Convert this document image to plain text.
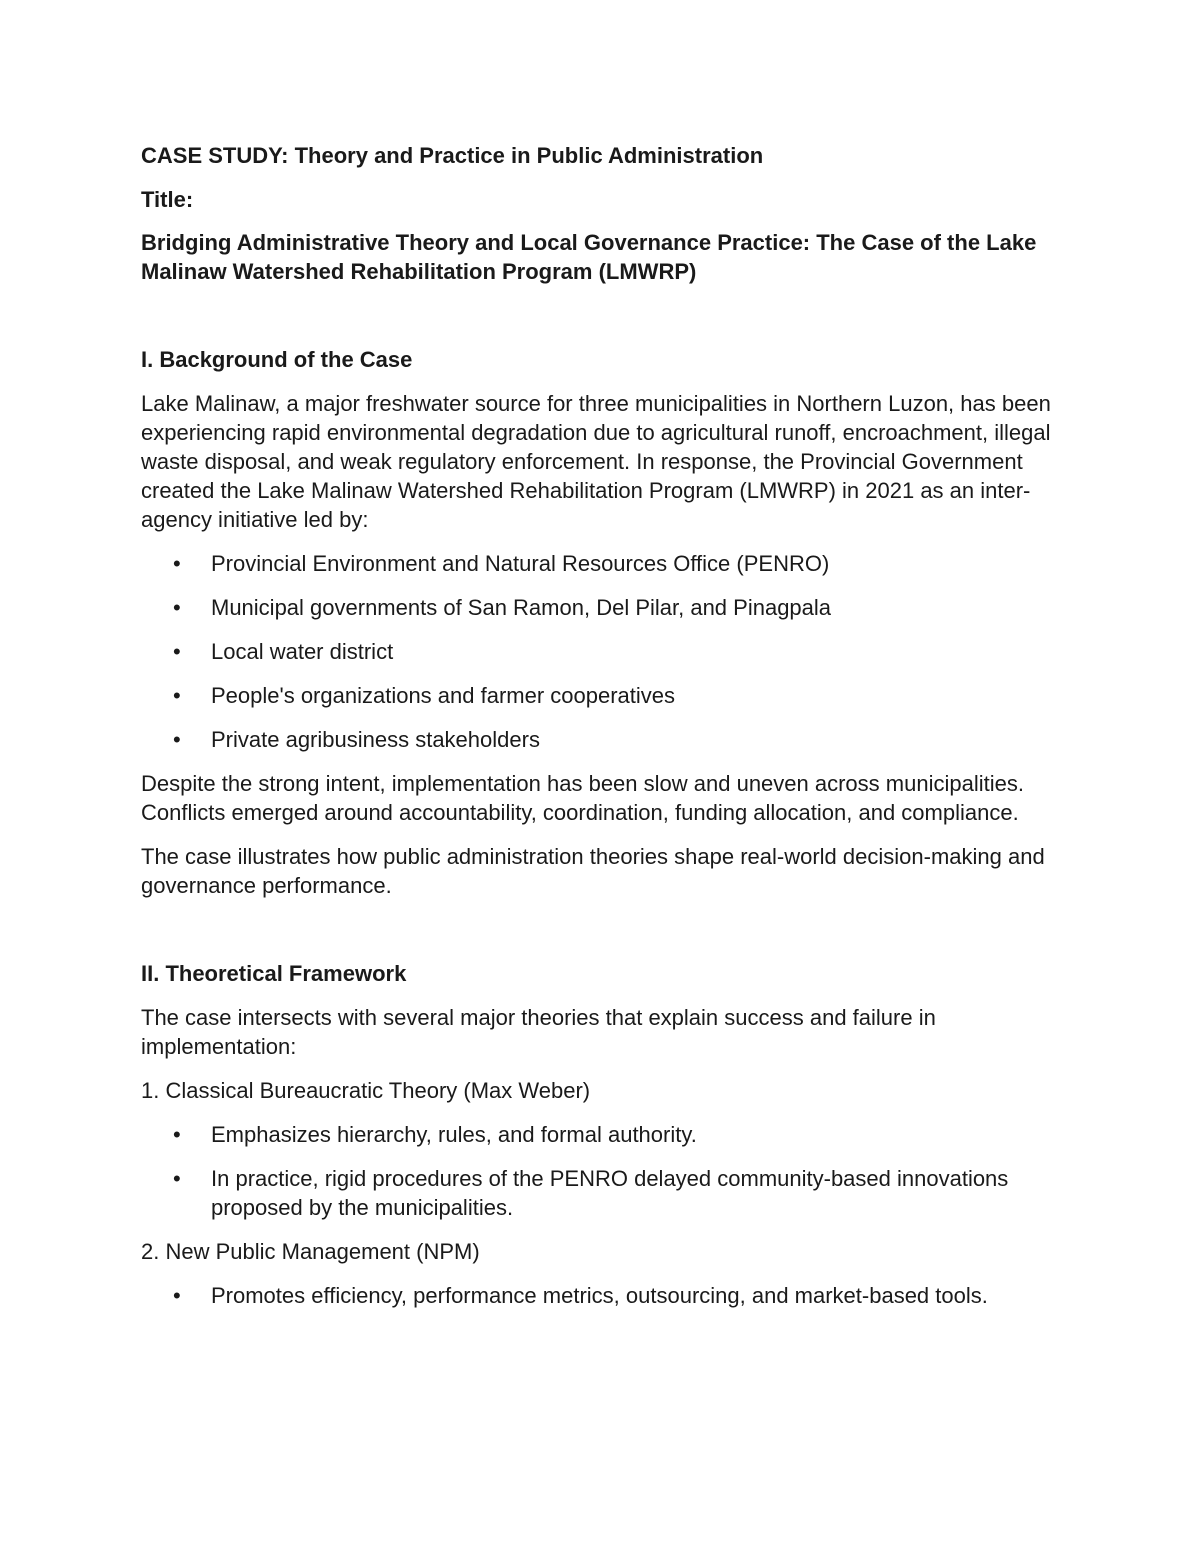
CASE STUDY: Theory and Practice in Public Administration

Title:

Bridging Administrative Theory and Local Governance Practice: The Case of the Lake Malinaw Watershed Rehabilitation Program (LMWRP)

I. Background of the Case

Lake Malinaw, a major freshwater source for three municipalities in Northern Luzon, has been experiencing rapid environmental degradation due to agricultural runoff, encroachment, illegal waste disposal, and weak regulatory enforcement. In response, the Provincial Government created the Lake Malinaw Watershed Rehabilitation Program (LMWRP) in 2021 as an inter-agency initiative led by:

• Provincial Environment and Natural Resources Office (PENRO)
• Municipal governments of San Ramon, Del Pilar, and Pinagpala
• Local water district
• People's organizations and farmer cooperatives
• Private agribusiness stakeholders

Despite the strong intent, implementation has been slow and uneven across municipalities. Conflicts emerged around accountability, coordination, funding allocation, and compliance.

The case illustrates how public administration theories shape real-world decision-making and governance performance.

II. Theoretical Framework

The case intersects with several major theories that explain success and failure in implementation:

1. Classical Bureaucratic Theory (Max Weber)

• Emphasizes hierarchy, rules, and formal authority.
• In practice, rigid procedures of the PENRO delayed community-based innovations proposed by the municipalities.

2. New Public Management (NPM)

• Promotes efficiency, performance metrics, outsourcing, and market-based tools.
